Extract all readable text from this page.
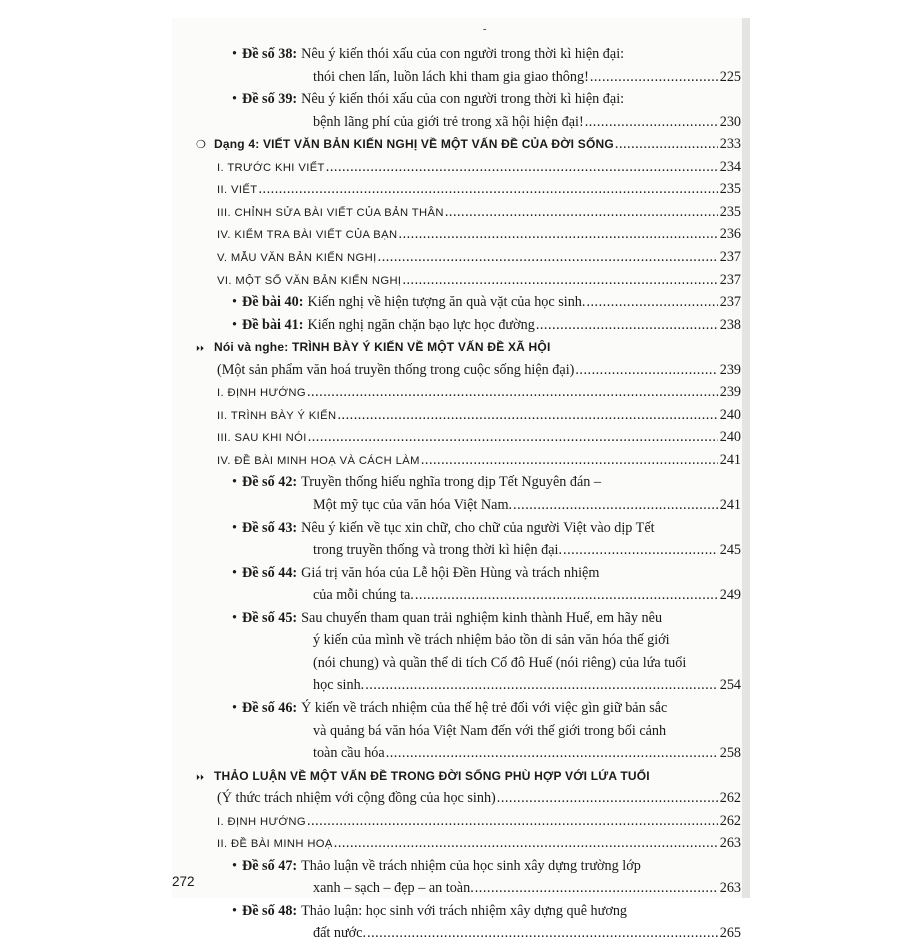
-
• Đề số 38: Nêu ý kiến thói xấu của con người trong thời kì hiện đại:
thói chen lấn, luồn lách khi tham gia giao thông! .....	225
• Đề số 39: Nêu ý kiến thói xấu của con người trong thời kì hiện đại:
bệnh lãng phí của giới trẻ trong xã hội hiện đại! .....	230
❍ Dạng 4: VIẾT VĂN BẢN KIẾN NGHỊ VỀ MỘT VẤN ĐỀ CỦA ĐỜI SỐNG .....	233
I. TRƯỚC KHI VIẾT .....	234
II. VIẾT .....	235
III. CHỈNH SỬA BÀI VIẾT CỦA BẢN THÂN .....	235
IV. KIỂM TRA BÀI VIẾT CỦA BẠN .....	236
V. MẪU VĂN BẢN KIẾN NGHỊ .....	237
VI. MỘT SỐ VĂN BẢN KIẾN NGHỊ .....	237
• Đề bài 40: Kiến nghị về hiện tượng ăn quà vặt của học sinh. .....	237
• Đề bài 41: Kiến nghị ngăn chặn bạo lực học đường .....	238
⏵⏵ Nói và nghe: TRÌNH BÀY Ý KIẾN VỀ MỘT VẤN ĐỀ XÃ HỘI
(Một sản phẩm văn hoá truyền thống trong cuộc sống hiện đại) .....	239
I. ĐỊNH HƯỚNG .....	239
II. TRÌNH BÀY Ý KIẾN .....	240
III. SAU KHI NÓI .....	240
IV. ĐỀ BÀI MINH HOẠ VÀ CÁCH LÀM .....	241
• Đề số 42: Truyền thống hiếu nghĩa trong dịp Tết Nguyên đán –
Một mỹ tục của văn hóa Việt Nam. .....	241
• Đề số 43: Nêu ý kiến về tục xin chữ, cho chữ của người Việt vào dịp Tết
trong truyền thống và trong thời kì hiện đại. .....	245
• Đề số 44: Giá trị văn hóa của Lễ hội Đền Hùng và trách nhiệm
của mỗi chúng ta. .....	249
• Đề số 45: Sau chuyến tham quan trải nghiệm kinh thành Huế, em hãy nêu
ý kiến của mình về trách nhiệm bảo tồn di sản văn hóa thế giới
(nói chung) và quần thể di tích Cố đô Huế (nói riêng) của lứa tuổi
học sinh. .....	254
• Đề số 46: Ý kiến về trách nhiệm của thế hệ trẻ đối với việc gìn giữ bản sắc
và quảng bá văn hóa Việt Nam đến với thế giới trong bối cảnh
toàn cầu hóa .....	258
⏵⏵ THẢO LUẬN VỀ MỘT VẤN ĐỀ TRONG ĐỜI SỐNG PHÙ HỢP VỚI LỨA TUỔI
(Ý thức trách nhiệm với cộng đồng của học sinh) .....	262
I. ĐỊNH HƯỚNG .....	262
II. ĐỀ BÀI MINH HOẠ .....	263
• Đề số 47: Thảo luận về trách nhiệm của học sinh xây dựng trường lớp
xanh – sạch – đẹp – an toàn. .....	263
• Đề số 48: Thảo luận: học sinh với trách nhiệm xây dựng quê hương
đất nước. .....	265
272
